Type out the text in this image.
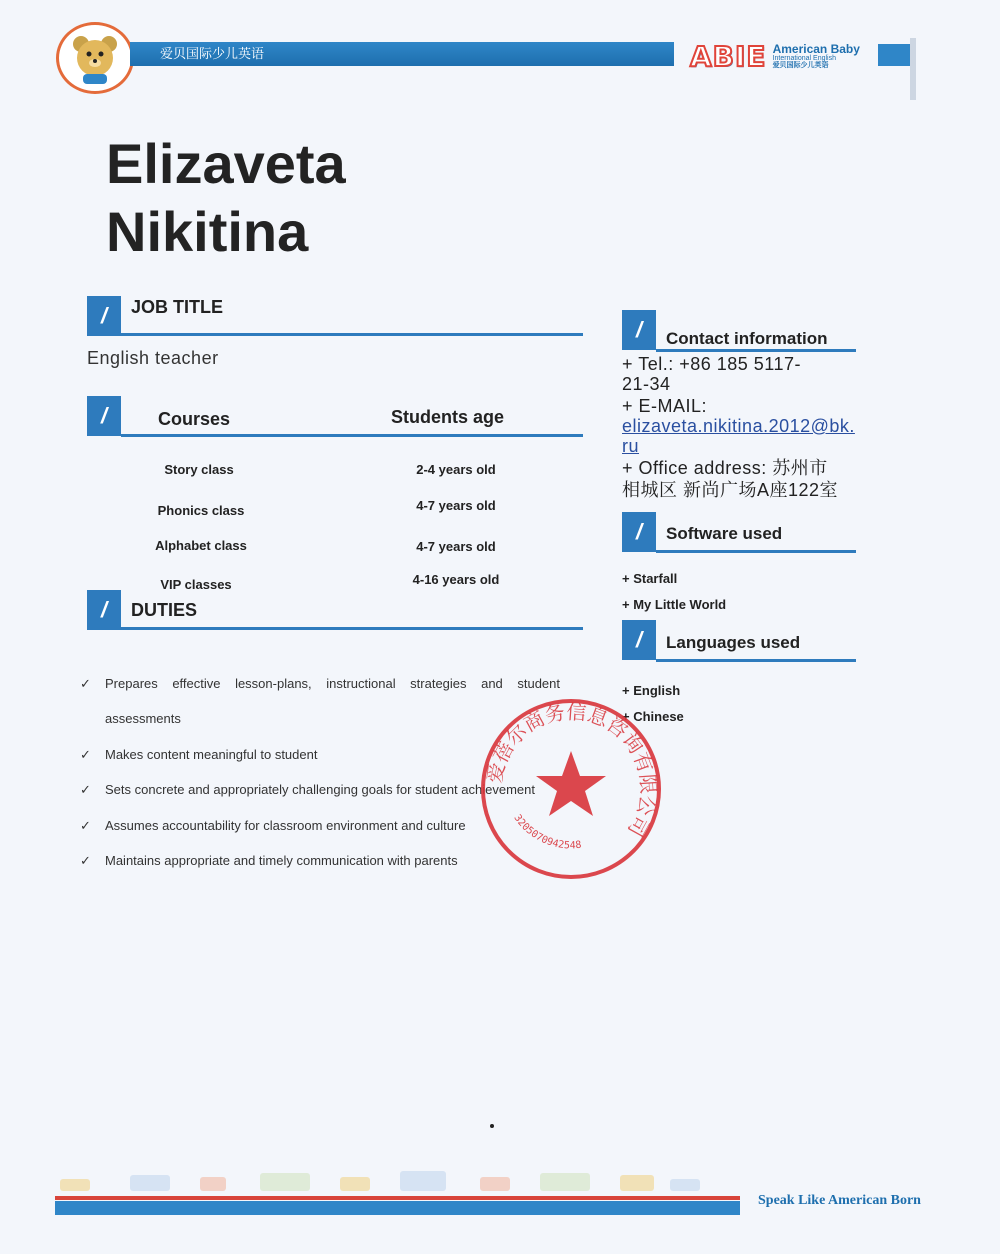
爱贝国际少儿英语	ABIE American Baby
International English
爱贝国际少儿英语
Elizaveta
Nikitina
/	JOB TITLE
English teacher
/	Courses	Students age
Story class	2-4 years old
Phonics class	4-7 years old
Alphabet class	4-7 years old
VIP classes	4-16 years old
/	DUTIES
✓ Prepares effective lesson-plans, instructional strategies and student
assessments
✓ Makes content meaningful to student
✓ Sets concrete and appropriately challenging goals for student achievement
✓ Assumes accountability for classroom environment and culture
✓ Maintains appropriate and timely communication with parents
/	Contact information
+ Tel.: +86 185 5117-
21-34
+ E-MAIL:
elizaveta.nikitina.2012@bk.
ru
+ Office address: 苏州市
相城区 新尚广场A座122室
/	Software used
+ Starfall
+ My Little World
/	Languages used
+ English
+ Chinese
爱蓓尔商务信息咨询有限公司
3205070942548
Speak Like American Born
